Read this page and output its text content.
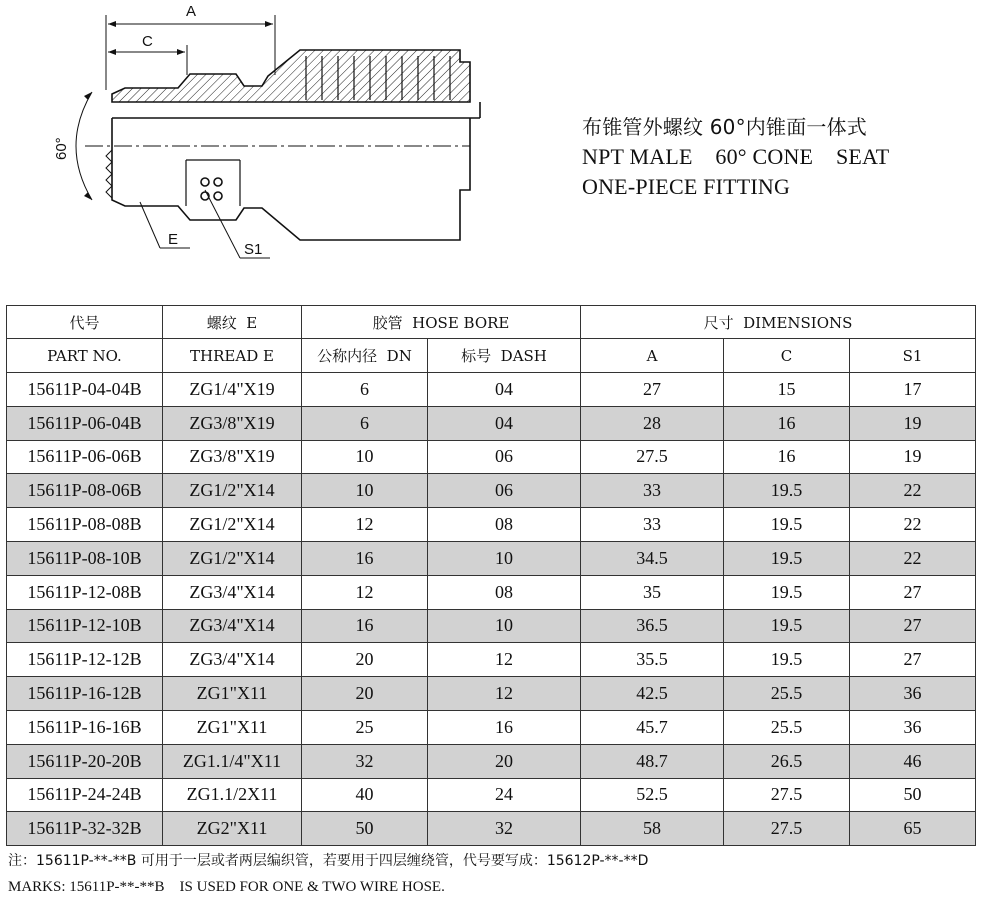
A
C
E
S1
60°
布锥管外螺纹 60°内锥面一体式
NPT MALE    60° CONE    SEAT
ONE-PIECE FITTING
代号	螺纹  E	胶管  HOSE BORE		尺寸  DIMENSIONS		
PART NO.	THREAD E	公称内径  DN	标号  DASH	A	C	S1
15611P-04-04B	ZG1/4"X19	6	04	27	15	17
15611P-06-04B	ZG3/8"X19	6	04	28	16	19
15611P-06-06B	ZG3/8"X19	10	06	27.5	16	19
15611P-08-06B	ZG1/2"X14	10	06	33	19.5	22
15611P-08-08B	ZG1/2"X14	12	08	33	19.5	22
15611P-08-10B	ZG1/2"X14	16	10	34.5	19.5	22
15611P-12-08B	ZG3/4"X14	12	08	35	19.5	27
15611P-12-10B	ZG3/4"X14	16	10	36.5	19.5	27
15611P-12-12B	ZG3/4"X14	20	12	35.5	19.5	27
15611P-16-12B	ZG1"X11	20	12	42.5	25.5	36
15611P-16-16B	ZG1"X11	25	16	45.7	25.5	36
15611P-20-20B	ZG1.1/4"X11	32	20	48.7	26.5	46
15611P-24-24B	ZG1.1/2X11	40	24	52.5	27.5	50
15611P-32-32B	ZG2"X11	50	32	58	27.5	65
注：15611P-**-**B 可用于一层或者两层编织管，若要用于四层缠绕管，代号要写成：15612P-**-**D
MARKS: 15611P-**-**B    IS USED FOR ONE & TWO WIRE HOSE.
